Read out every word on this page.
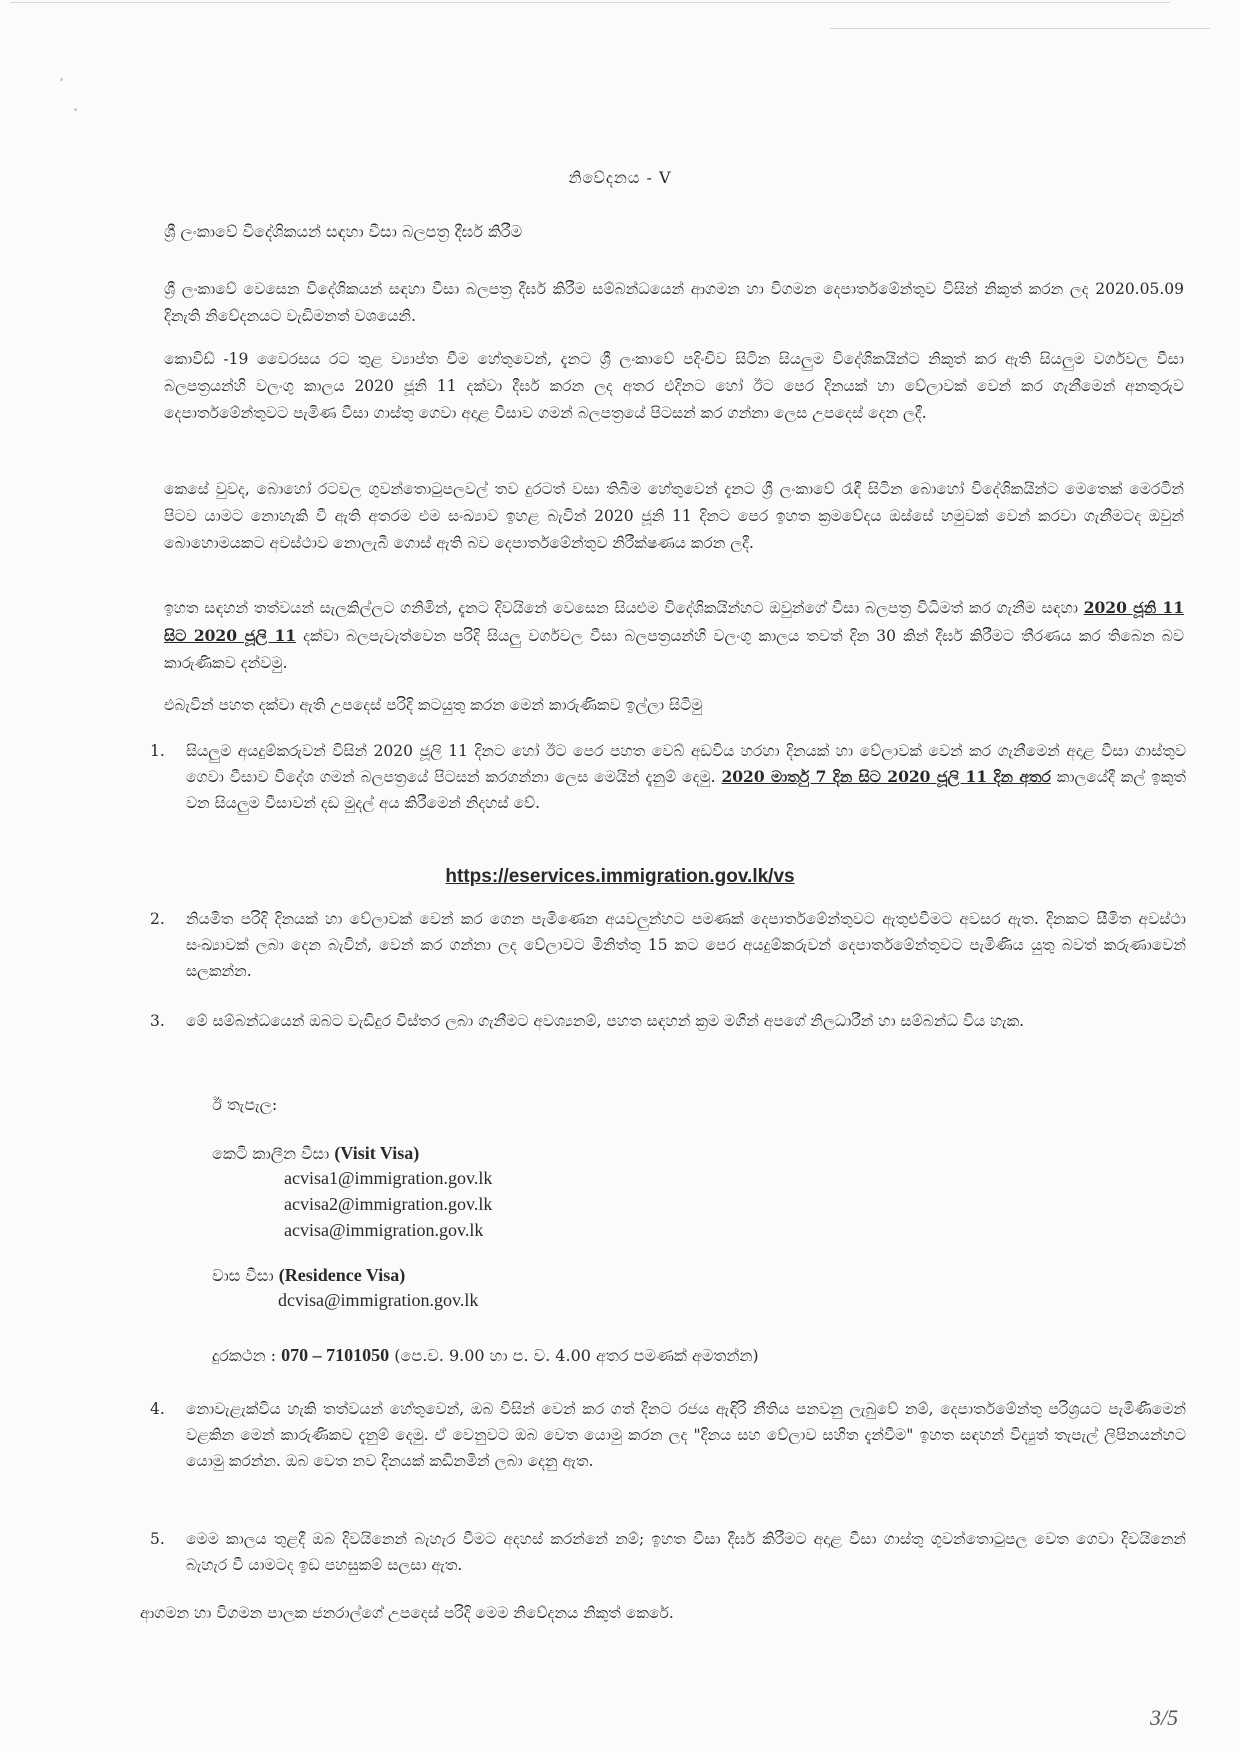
නිවේදනය - V
ශ්‍රී ලංකාවේ විදේශිකයන් සඳහා වීසා බලපත්‍ර දීර්ඝ කිරීම
ශ්‍රී ලංකාවේ වෙසෙන විදේශිකයන් සඳහා වීසා බලපත්‍ර දීර්ඝ කිරීම සම්බන්ධයෙන් ආගමන හා විගමන දෙපාර්තමේන්තුව විසින් නිකුත් කරන ලද 2020.05.09 දිනැති නිවේදනයට වැඩිමනත් වශයෙනි.
කොවිඩ් -19 වෛරසය රට තුළ ව්‍යාප්ත වීම හේතුවෙන්, දැනට ශ්‍රී ලංකාවේ පදිංචිව සිටින සියලුම විදේශිකයින්ට නිකුත් කර ඇති සියලුම වර්ගවල වීසා බලපත්‍රයන්හි වලංගු කාලය 2020 ජූනි 11 දක්වා දීර්ඝ කරන ලද අතර එදිනට හෝ ඊට පෙර දිනයක් හා වේලාවක් වෙන් කර ගැනීමෙන් අනතුරුව දෙපාර්තමේන්තුවට පැමිණ වීසා ගාස්තු ගෙවා අදාළ වීසාව ගමන් බලපත්‍රයේ පිටසන් කර ගන්නා ලෙස උපදෙස් දෙන ලදී.
කෙසේ වුවද, බොහෝ රටවල ගුවන්තොටුපලවල් තව දුරටත් වසා තිබීම හේතුවෙන් දැනට ශ්‍රී ලංකාවේ රැඳී සිටින බොහෝ විදේශිකයින්ට මෙතෙක් මෙරටින් පිටව යාමට නොහැකි වී ඇති අතරම එම සංඛ්‍යාව ඉහළ බැවින් 2020 ජූනි 11 දිනට පෙර ඉහත ක්‍රමවේදය ඔස්සේ හමුවක් වෙන් කරවා ගැනීමටද ඔවුන් බොහොමයකට අවස්ථාව නොලැබී ගොස් ඇති බව දෙපාර්තමේන්තුව නිරීක්ෂණය කරන ලදී.
ඉහත සඳහන් තත්වයන් සැලකිල්ලට ගනිමින්, දැනට දිවයිනේ වෙසෙන සියළුම විදේශිකයින්හට ඔවුන්ගේ වීසා බලපත්‍ර විධිමත් කර ගැනීම සඳහා 2020 ජූනි 11 සිට 2020 ජූලි 11 දක්වා බලපැවැත්වෙන පරිදි සියලු වර්ගවල වීසා බලපත්‍රයන්හි වලංගු කාලය තවත් දින 30 කින් දීර්ඝ කිරීමට තීරණය කර තිබෙන බව කාරුණිකව දන්වමු.
එබැවින් පහත දක්වා ඇති උපදෙස් පරිදි කටයුතු කරන මෙන් කාරුණිකව ඉල්ලා සිටිමු
1.	සියලුම අයදුම්කරුවන් විසින් 2020 ජූලි 11 දිනට හෝ ඊට පෙර පහත වෙබ් අඩවිය හරහා දිනයක් හා වේලාවක් වෙන් කර ගැනීමෙන් අදාළ වීසා ගාස්තුව ගෙවා වීසාව විදේශ ගමන් බලපත්‍රයේ පිටසන් කරගන්නා ලෙස මෙයින් දැනුම් දෙමු. 2020 මාර්තු 7 දින සිට 2020 ජූලි 11 දින අතර කාලයේදී කල් ඉකුත් වන සියලුම වීසාවන් දඩ මුදල් අය කිරීමෙන් නිදහස් වේ.
https://eservices.immigration.gov.lk/vs
2.	නියමිත පරිදි දිනයක් හා වේලාවක් වෙන් කර ගෙන පැමිණෙන අයවලුන්හට පමණක් දෙපාර්තමේන්තුවට ඇතුළුවීමට අවසර ඇත. දිනකට සීමිත අවස්ථා සංඛ්‍යාවක් ලබා දෙන බැවින්, වෙන් කර ගන්නා ලද වේලාවට මිනිත්තු 15 කට පෙර අයදුම්කරුවන් දෙපාර්තමේන්තුවට පැමිණිය යුතු බවත් කරුණාවෙන් සලකන්න.
3.	මේ සම්බන්ධයෙන් ඔබට වැඩිදුර විස්තර ලබා ගැනීමට අවශ්‍යනම්, පහත සඳහන් ක්‍රම මගින් අපගේ නිලධාරීන් හා සම්බන්ධ විය හැක.
ඊ තැපැල:
කෙටි කාලීන වීසා (Visit Visa)
acvisa1@immigration.gov.lk
acvisa2@immigration.gov.lk
acvisa@immigration.gov.lk
වාස වීසා (Residence Visa)
dcvisa@immigration.gov.lk
දුරකථන : 070 – 7101050 (පෙ.ව. 9.00 හා ප. ව. 4.00 අතර පමණක් අමතන්න)
4.	නොවැළැක්විය හැකි තත්වයන් හේතුවෙන්, ඔබ විසින් වෙන් කර ගත් දිනට රජය ඇඳිරි නීතිය පනවනු ලැබුවේ නම්, දෙපාර්තමේන්තු පරිශ්‍රයට පැමිණීමෙන් වළකින මෙන් කාරුණිකව දැනුම් දෙමු. ඒ වෙනුවට ඔබ වෙත යොමු කරන ලද "දිනය සහ වේලාව සහිත දැන්වීම" ඉහත සඳහන් විද්‍යුත් තැපැල් ලිපිනයන්හට යොමු කරන්න. ඔබ වෙත නව දිනයක් කඩිනමින් ලබා දෙනු ඇත.
5.	මෙම කාලය තුළදී ඔබ දිවයිනෙන් බැහැර වීමට අදහස් කරන්නේ නම්; ඉහත වීසා දීර්ඝ කිරීමට අදාළ වීසා ගාස්තු ගුවන්තොටුපල වෙත ගෙවා දිවයිනෙන් බැහැර වී යාමටද ඉඩ පහසුකම් සලසා ඇත.
ආගමන හා විගමන පාලක ජනරාල්ගේ උපදෙස් පරිදි මෙම නිවේදනය නිකුත් කෙරේ.
3/5
